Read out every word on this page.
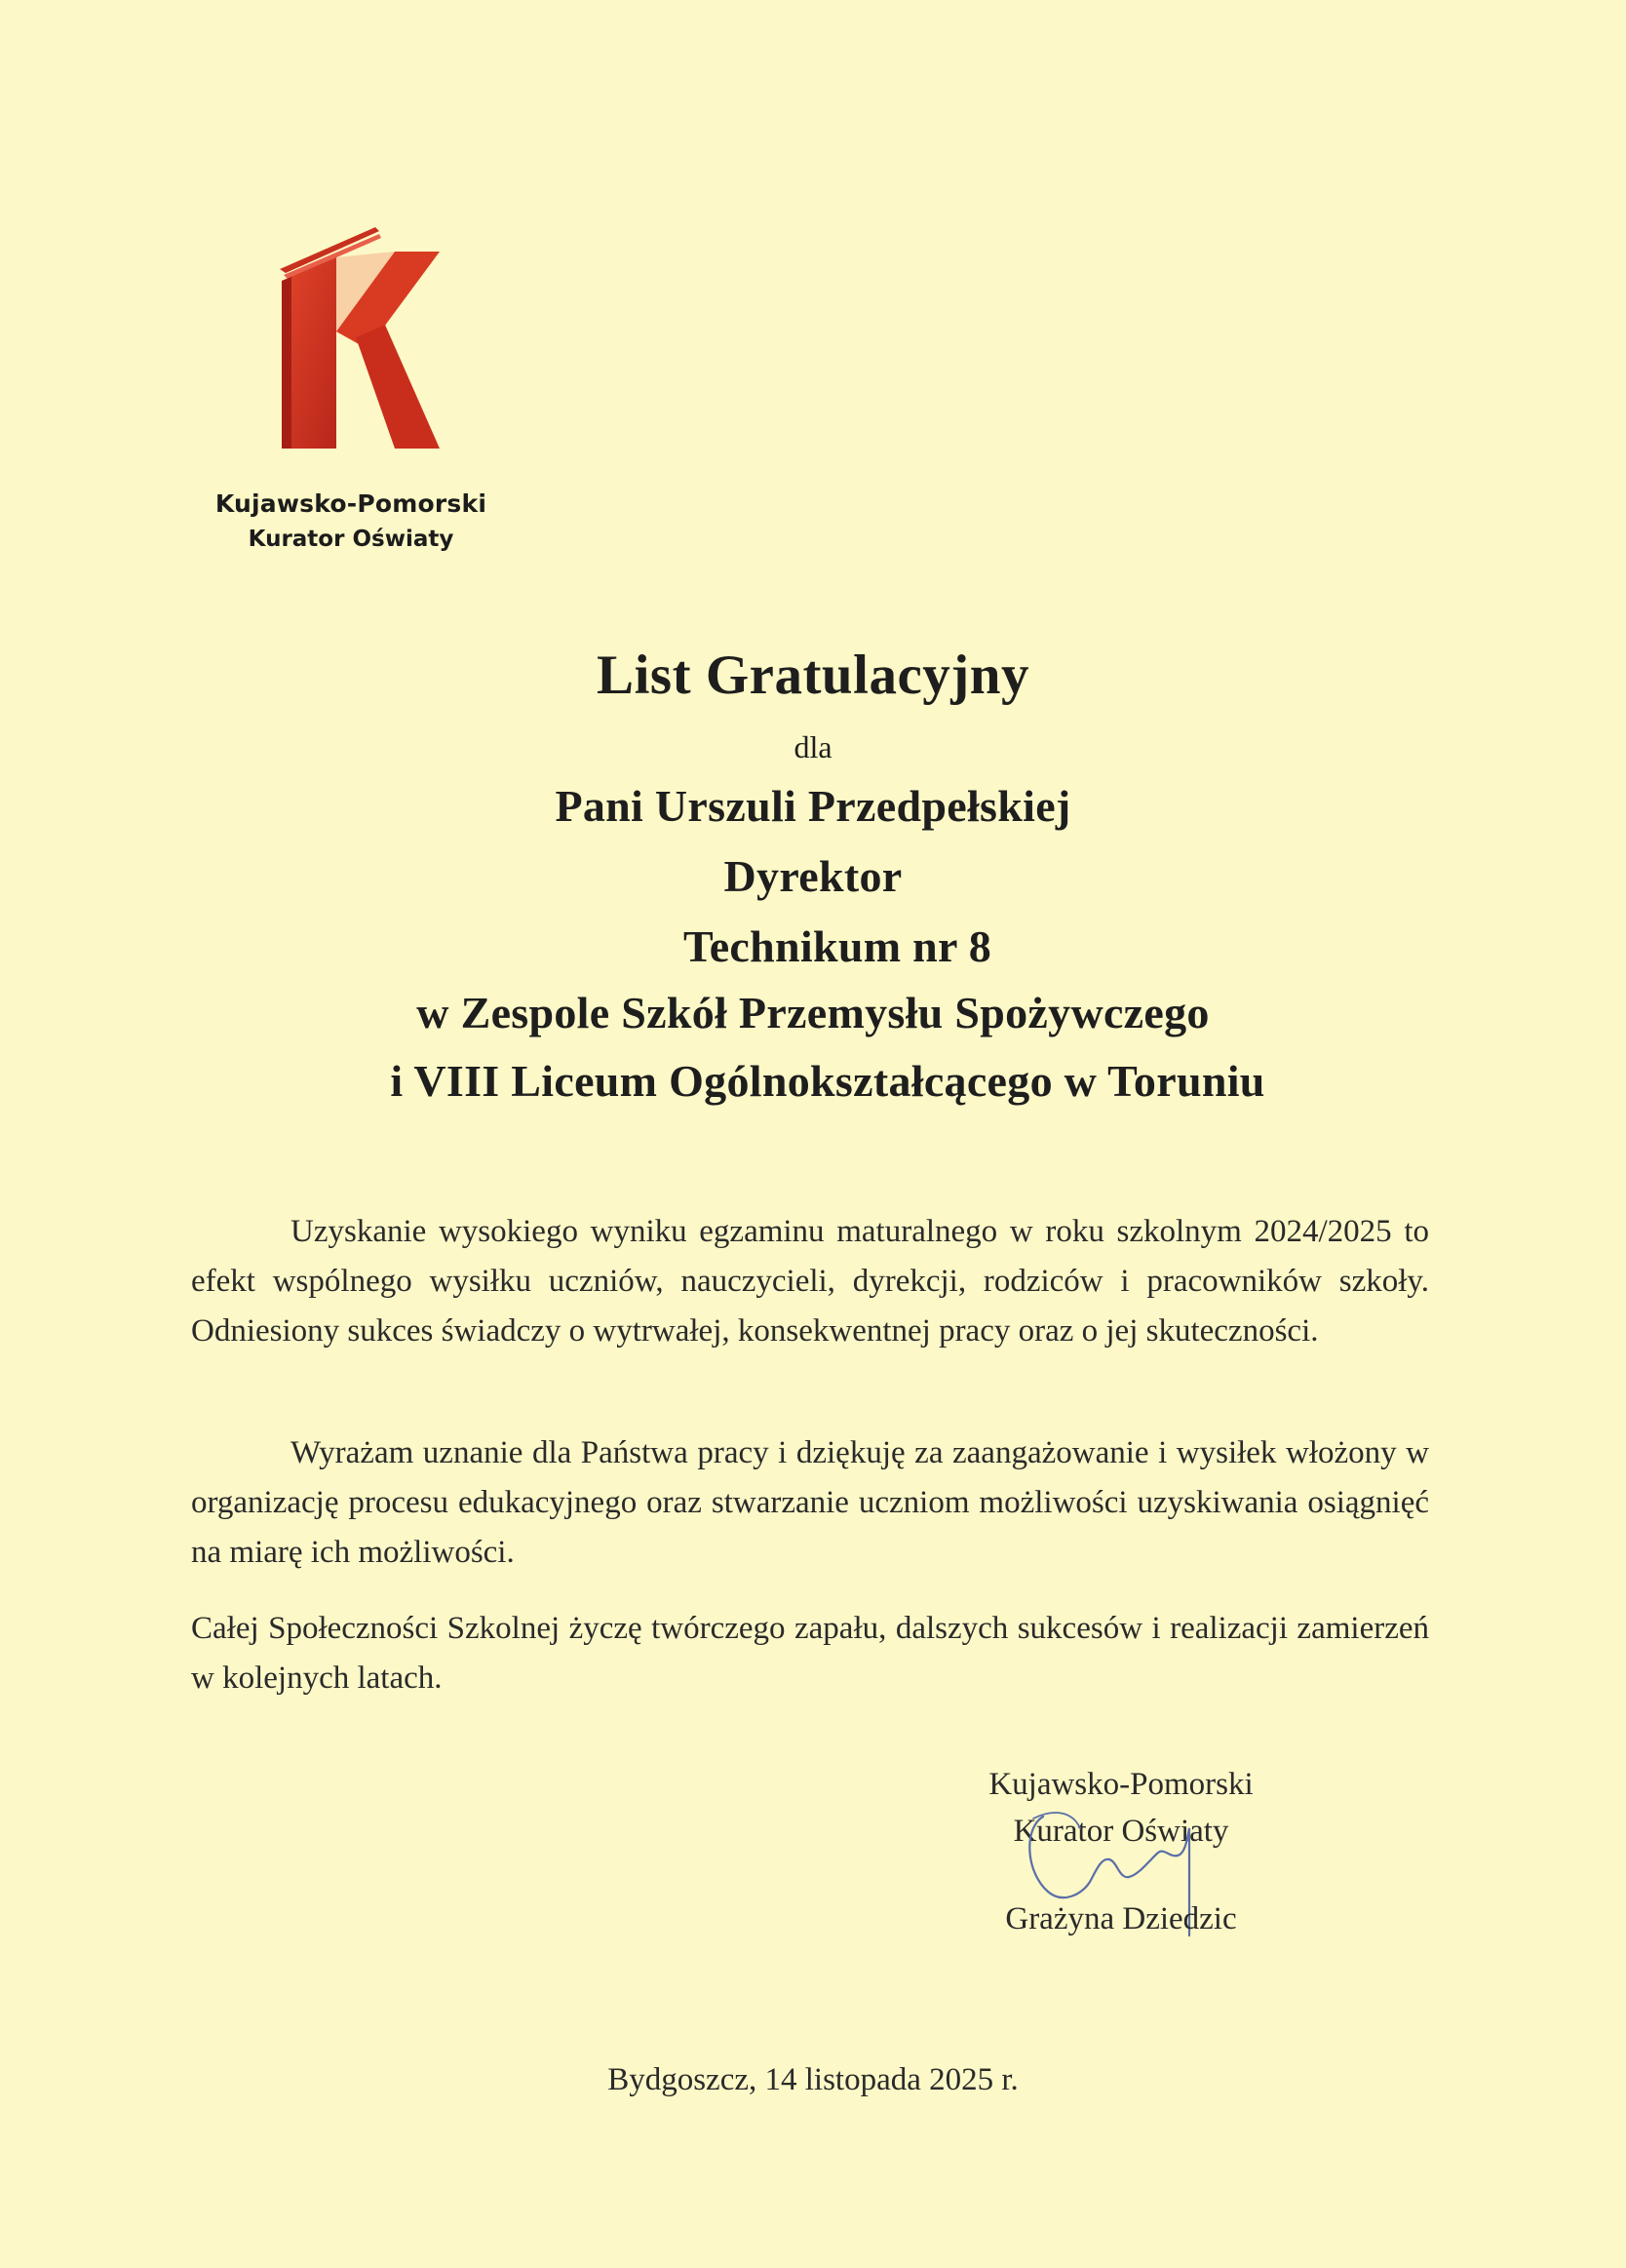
Kujawsko-Pomorski
Kurator Oświaty
List Gratulacyjny
dla
Pani Urszuli Przedpełskiej
Dyrektor
Technikum nr 8
w Zespole Szkół Przemysłu Spożywczego
i VIII Liceum Ogólnokształcącego w Toruniu
Uzyskanie wysokiego wyniku egzaminu maturalnego w roku szkolnym 2024/2025 to efekt wspólnego wysiłku uczniów, nauczycieli, dyrekcji, rodziców i pracowników szkoły. Odniesiony sukces świadczy o wytrwałej, konsekwentnej pracy oraz o jej skuteczności.
Wyrażam uznanie dla Państwa pracy i dziękuję za zaangażowanie i wysiłek włożony w organizację procesu edukacyjnego oraz stwarzanie uczniom możliwości uzyskiwania osiągnięć na miarę ich możliwości.
Całej Społeczności Szkolnej życzę twórczego zapału, dalszych sukcesów i realizacji zamierzeń w kolejnych latach.
Kujawsko-Pomorski
Kurator Oświaty
Grażyna Dziedzic
Bydgoszcz, 14 listopada 2025 r.
